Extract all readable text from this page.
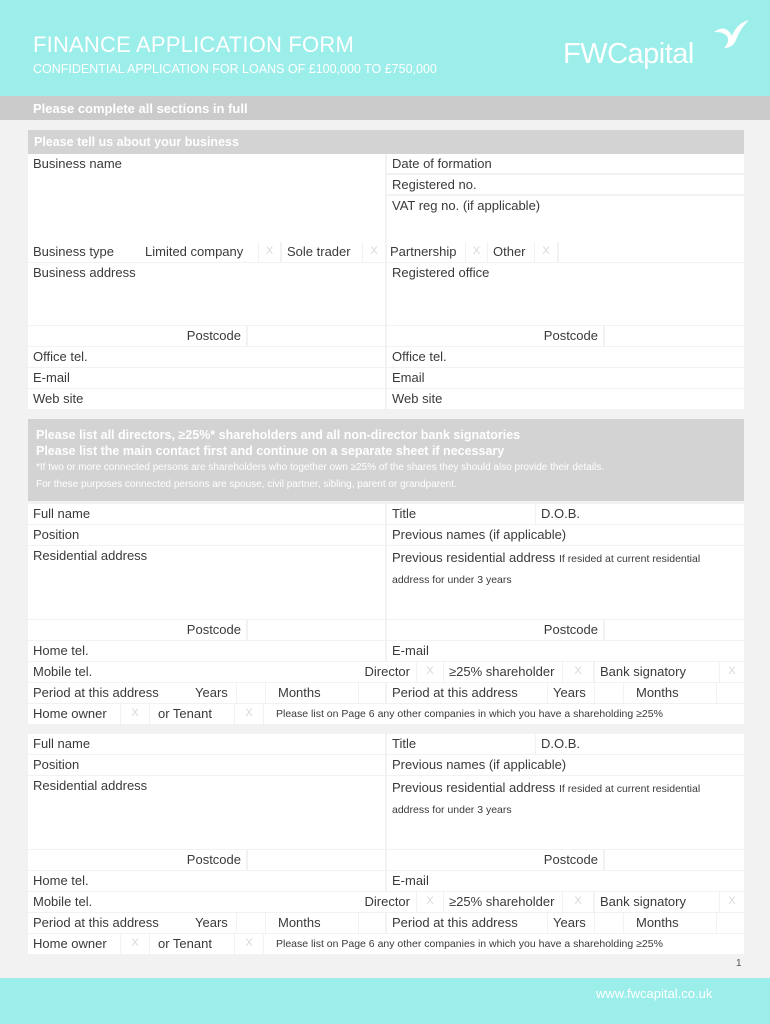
FINANCE APPLICATION FORM
CONFIDENTIAL APPLICATION FOR LOANS OF £100,000 TO £750,000	FWCapital
Please complete all sections in full
Please tell us about your business
Business name	Date of formation
Registered no.
VAT reg no. (if applicable)
Business type	Limited company	X	Sole trader	X Partnership	X Other	X
Business address	Registered office
Postcode	Postcode
Office tel.	Office tel.
E-mail	Email
Web site	Web site
Please list all directors, ≥25%* shareholders and all non-director bank signatories
Please list the main contact first and continue on a separate sheet if necessary
*If two or more connected persons are shareholders who together own ≥25% of the shares they should also provide their details.
For these purposes connected persons are spouse, civil partner, sibling, parent or grandparent.
Full name	Title	D.O.B.
Position	Previous names (if applicable)
Residential address	Previous residential address If resided at current residential
address for under 3 years
Postcode	Postcode
Home tel.	E-mail
Mobile tel.	Director	X	≥25% shareholder	X	Bank signatory	X
Period at this address	Years	Months	Period at this address	Years	Months
Home owner	X	or Tenant	X	Please list on Page 6 any other companies in which you have a shareholding ≥25%
Full name	Title	D.O.B.
Position	Previous names (if applicable)
Residential address	Previous residential address If resided at current residential
address for under 3 years
Postcode	Postcode
Home tel.	E-mail
Mobile tel.	Director	X	≥25% shareholder	X	Bank signatory	X
Period at this address	Years	Months	Period at this address	Years	Months
Home owner	X	or Tenant	X	Please list on Page 6 any other companies in which you have a shareholding ≥25%
1
www.fwcapital.co.uk
